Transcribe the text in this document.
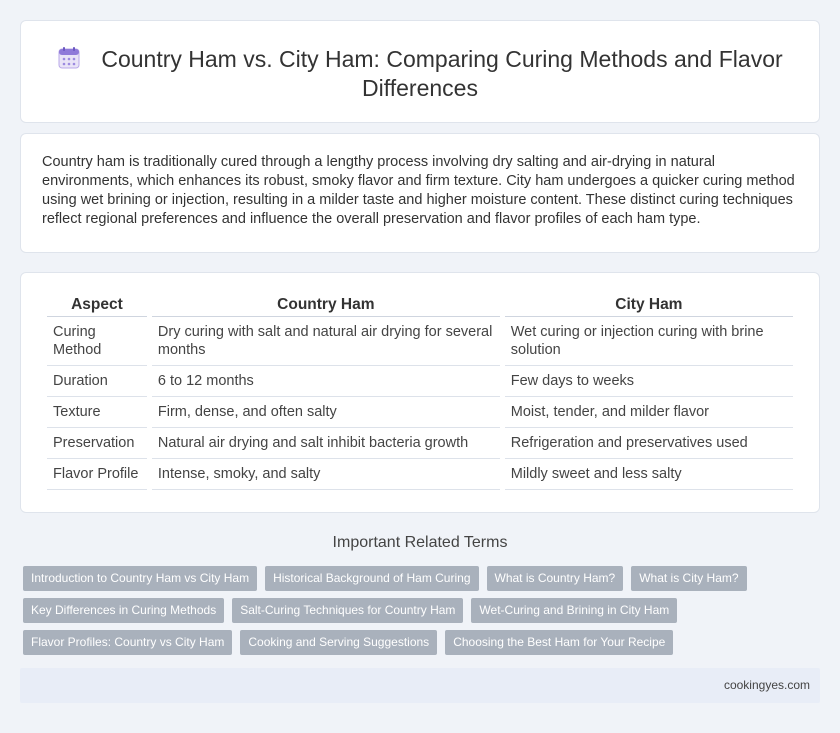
Country Ham vs. City Ham: Comparing Curing Methods and Flavor Differences

Country ham is traditionally cured through a lengthy process involving dry salting and air-drying in natural environments, which enhances its robust, smoky flavor and firm texture. City ham undergoes a quicker curing method using wet brining or injection, resulting in a milder taste and higher moisture content. These distinct curing techniques reflect regional preferences and influence the overall preservation and flavor profiles of each ham type.

Aspect	Country Ham	City Ham
Curing Method	Dry curing with salt and natural air drying for several months	Wet curing or injection curing with brine solution
Duration	6 to 12 months	Few days to weeks
Texture	Firm, dense, and often salty	Moist, tender, and milder flavor
Preservation	Natural air drying and salt inhibit bacteria growth	Refrigeration and preservatives used
Flavor Profile	Intense, smoky, and salty	Mildly sweet and less salty
Important Related Terms
Introduction to Country Ham vs City Ham	Historical Background of Ham Curing	What is Country Ham?	What is City Ham?
Key Differences in Curing Methods	Salt-Curing Techniques for Country Ham	Wet-Curing and Brining in City Ham
Flavor Profiles: Country vs City Ham	Cooking and Serving Suggestions	Choosing the Best Ham for Your Recipe
cookingyes.com
